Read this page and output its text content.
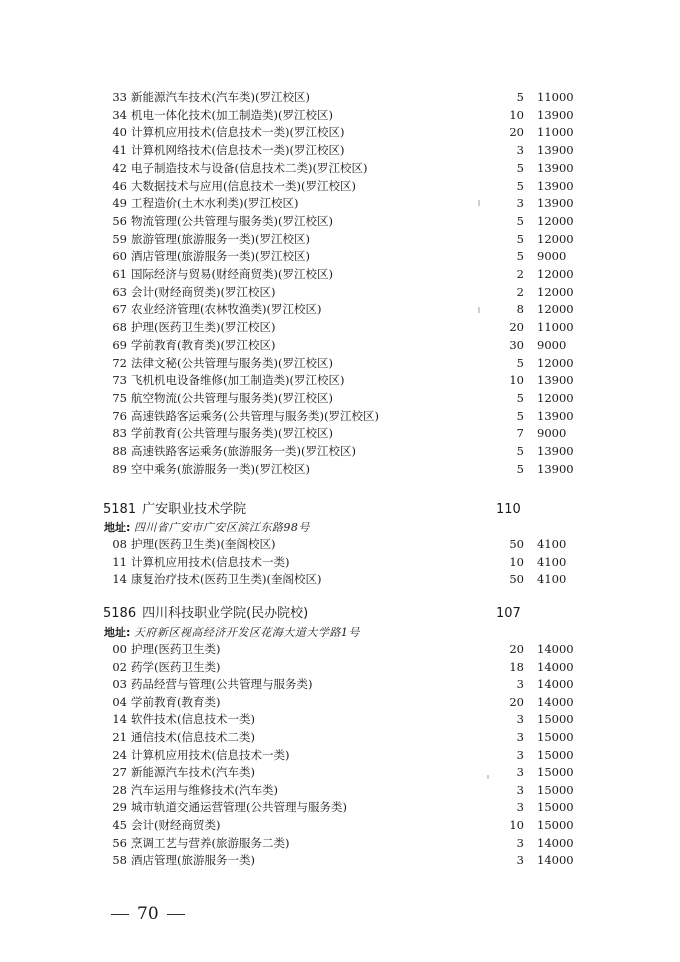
33 新能源汽车技术(汽车类)(罗江校区)	5 11000
34 机电一体化技术(加工制造类)(罗江校区)	10 13900
40 计算机应用技术(信息技术一类)(罗江校区)	20 11000
41 计算机网络技术(信息技术一类)(罗江校区)	3 13900
42 电子制造技术与设备(信息技术二类)(罗江校区)	5 13900
46 大数据技术与应用(信息技术一类)(罗江校区)	5 13900
49 工程造价(土木水利类)(罗江校区)	3 13900
56 物流管理(公共管理与服务类)(罗江校区)	5 12000
59 旅游管理(旅游服务一类)(罗江校区)	5 12000
60 酒店管理(旅游服务一类)(罗江校区)	5 9000
61 国际经济与贸易(财经商贸类)(罗江校区)	2 12000
63 会计(财经商贸类)(罗江校区)	2 12000
67 农业经济管理(农林牧渔类)(罗江校区)	8 12000
68 护理(医药卫生类)(罗江校区)	20 11000
69 学前教育(教育类)(罗江校区)	30 9000
72 法律文秘(公共管理与服务类)(罗江校区)	5 12000
73 飞机机电设备维修(加工制造类)(罗江校区)	10 13900
75 航空物流(公共管理与服务类)(罗江校区)	5 12000
76 高速铁路客运乘务(公共管理与服务类)(罗江校区)	5 13900
83 学前教育(公共管理与服务类)(罗江校区)	7 9000
88 高速铁路客运乘务(旅游服务一类)(罗江校区)	5 13900
89 空中乘务(旅游服务一类)(罗江校区)	5 13900
5181 广安职业技术学院	110
地址: 四川省广安市广安区滨江东路98号
08 护理(医药卫生类)(奎阁校区)	50 4100
11 计算机应用技术(信息技术一类)	10 4100
14 康复治疗技术(医药卫生类)(奎阁校区)	50 4100
5186 四川科技职业学院(民办院校)	107
地址: 天府新区视高经济开发区花海大道大学路1号
00 护理(医药卫生类)	20 14000
02 药学(医药卫生类)	18 14000
03 药品经营与管理(公共管理与服务类)	3 14000
04 学前教育(教育类)	20 14000
14 软件技术(信息技术一类)	3 15000
21 通信技术(信息技术二类)	3 15000
24 计算机应用技术(信息技术一类)	3 15000
27 新能源汽车技术(汽车类)	3 15000
28 汽车运用与维修技术(汽车类)	3 15000
29 城市轨道交通运营管理(公共管理与服务类)	3 15000
45 会计(财经商贸类)	10 15000
56 烹调工艺与营养(旅游服务二类)	3 14000
58 酒店管理(旅游服务一类)	3 14000
70
